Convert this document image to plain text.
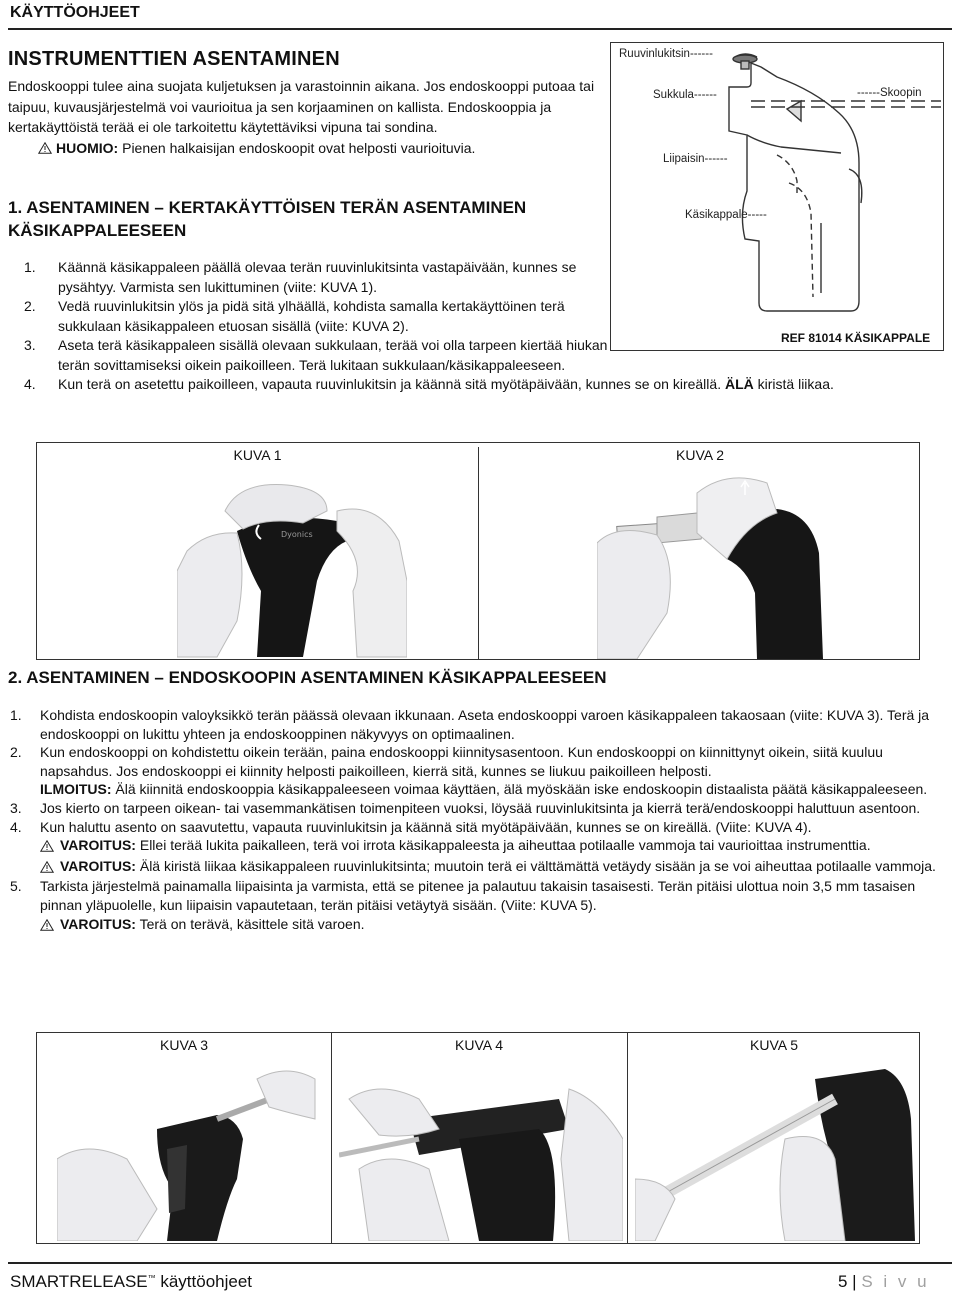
KÄYTTÖOHJEET
INSTRUMENTTIEN ASENTAMINEN

Endoskooppi tulee aina suojata kuljetuksen ja varastoinnin aikana. Jos endoskooppi putoaa tai taipuu, kuvausjärjestelmä voi vaurioitua ja sen korjaaminen on kallista. Endoskooppia ja kertakäyttöistä terää ei ole tarkoitettu käytettäviksi vipuna tai sondina.

HUOMIO: Pienen halkaisijan endoskoopit ovat helposti vaurioituvia.

1. ASENTAMINEN – KERTAKÄYTTÖISEN TERÄN ASENTAMINEN KÄSIKAPPALEESEEN
Ruuvinlukitsin------
Sukkula------	------Skoopin
Liipaisin------
Käsikappale-----
REF 81014 KÄSIKAPPALE
1.	Käännä käsikappaleen päällä olevaa terän ruuvinlukitsinta vastapäivään, kunnes se pysähtyy. Varmista sen lukittuminen (viite: KUVA 1).
2.	Vedä ruuvinlukitsin ylös ja pidä sitä ylhäällä, kohdista samalla kertakäyttöinen terä sukkulaan käsikappaleen etuosan sisällä (viite: KUVA 2).
3.	Aseta terä käsikappaleen sisällä olevaan sukkulaan, terää voi olla tarpeen kiertää hiukan terän sovittamiseksi oikein paikoilleen. Terä lukitaan sukkulaan/käsikappaleeseen.
4.	Kun terä on asetettu paikoilleen, vapauta ruuvinlukitsin ja käännä sitä myötäpäivään, kunnes se on kireällä. ÄLÄ kiristä liikaa.
KUVA 1	KUVA 2
Dyonics
2. ASENTAMINEN – ENDOSKOOPIN ASENTAMINEN KÄSIKAPPALEESEEN
1.	Kohdista endoskoopin valoyksikkö terän päässä olevaan ikkunaan. Aseta endoskooppi varoen käsikappaleen takaosaan (viite: KUVA 3). Terä ja endoskooppi on lukittu yhteen ja endoskooppinen näkyvyys on optimaalinen.
2.	Kun endoskooppi on kohdistettu oikein terään, paina endoskooppi kiinnitysasentoon. Kun endoskooppi on kiinnittynyt oikein, siitä kuuluu napsahdus. Jos endoskooppi ei kiinnity helposti paikoilleen, kierrä sitä, kunnes se liukuu paikoilleen helposti.
ILMOITUS: Älä kiinnitä endoskooppia käsikappaleeseen voimaa käyttäen, älä myöskään iske endoskoopin distaalista päätä käsikappaleeseen.
3.	Jos kierto on tarpeen oikean- tai vasemmankätisen toimenpiteen vuoksi, löysää ruuvinlukitsinta ja kierrä terä/endoskooppi haluttuun asentoon.
4.	Kun haluttu asento on saavutettu, vapauta ruuvinlukitsin ja käännä sitä myötäpäivään, kunnes se on kireällä. (Viite: KUVA 4).
VAROITUS: Ellei terää lukita paikalleen, terä voi irrota käsikappaleesta ja aiheuttaa potilaalle vammoja tai vaurioittaa instrumenttia.
VAROITUS: Älä kiristä liikaa käsikappaleen ruuvinlukitsinta; muutoin terä ei välttämättä vetäydy sisään ja se voi aiheuttaa potilaalle vammoja.
5.	Tarkista järjestelmä painamalla liipaisinta ja varmista, että se pitenee ja palautuu takaisin tasaisesti. Terän pitäisi ulottua noin 3,5 mm tasaisen pinnan yläpuolelle, kun liipaisin vapautetaan, terän pitäisi vetäytyä sisään. (Viite: KUVA 5).
VAROITUS: Terä on terävä, käsittele sitä varoen.
KUVA 3	KUVA 4	KUVA 5
SMARTRELEASE™ käyttöohjeet	5 | S i v u
